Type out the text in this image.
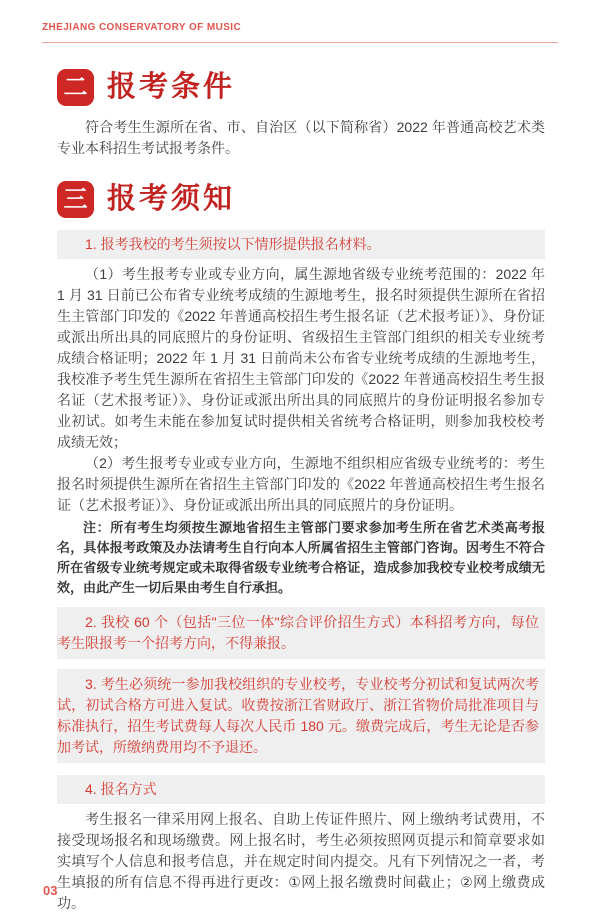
ZHEJIANG CONSERVATORY OF MUSIC
二 报考条件

符合考生生源所在省、市、自治区（以下简称省）2022 年普通高校艺术类专业本科招生考试报考条件。

三 报考须知
1. 报考我校的考生须按以下情形提供报名材料。

（1）考生报考专业或专业方向，属生源地省级专业统考范围的：2022 年 1 月 31 日前已公布省专业统考成绩的生源地考生，报名时须提供生源所在省招生主管部门印发的《2022 年普通高校招生考生报名证（艺术报考证）》、身份证或派出所出具的同底照片的身份证明、省级招生主管部门组织的相关专业统考成绩合格证明；2022 年 1 月 31 日前尚未公布省专业统考成绩的生源地考生，我校准予考生凭生源所在省招生主管部门印发的《2022 年普通高校招生考生报名证（艺术报考证）》、身份证或派出所出具的同底照片的身份证明报名参加专业初试。如考生未能在参加复试时提供相关省统考合格证明，则参加我校校考成绩无效；

（2）考生报考专业或专业方向，生源地不组织相应省级专业统考的：考生报名时须提供生源所在省招生主管部门印发的《2022 年普通高校招生考生报名证（艺术报考证）》、身份证或派出所出具的同底照片的身份证明。

注：所有考生均须按生源地省招生主管部门要求参加考生所在省艺术类高考报名，具体报考政策及办法请考生自行向本人所属省招生主管部门咨询。因考生不符合所在省级专业统考规定或未取得省级专业统考合格证，造成参加我校专业校考成绩无效，由此产生一切后果由考生自行承担。

2. 我校 60 个（包括"三位一体"综合评价招生方式）本科招考方向，每位考生限报考一个招考方向，不得兼报。
3. 考生必须统一参加我校组织的专业校考，专业校考分初试和复试两次考试，初试合格方可进入复试。收费按浙江省财政厅、浙江省物价局批准项目与标准执行，招生考试费每人每次人民币 180 元。缴费完成后，考生无论是否参加考试，所缴纳费用均不予退还。
4. 报名方式

考生报名一律采用网上报名、自助上传证件照片、网上缴纳考试费用，不接受现场报名和现场缴费。网上报名时，考生必须按照网页提示和简章要求如实填写个人信息和报考信息，并在规定时间内提交。凡有下列情况之一者，考生填报的所有信息不得再进行更改：①网上报名缴费时间截止；②网上缴费成功。

03
